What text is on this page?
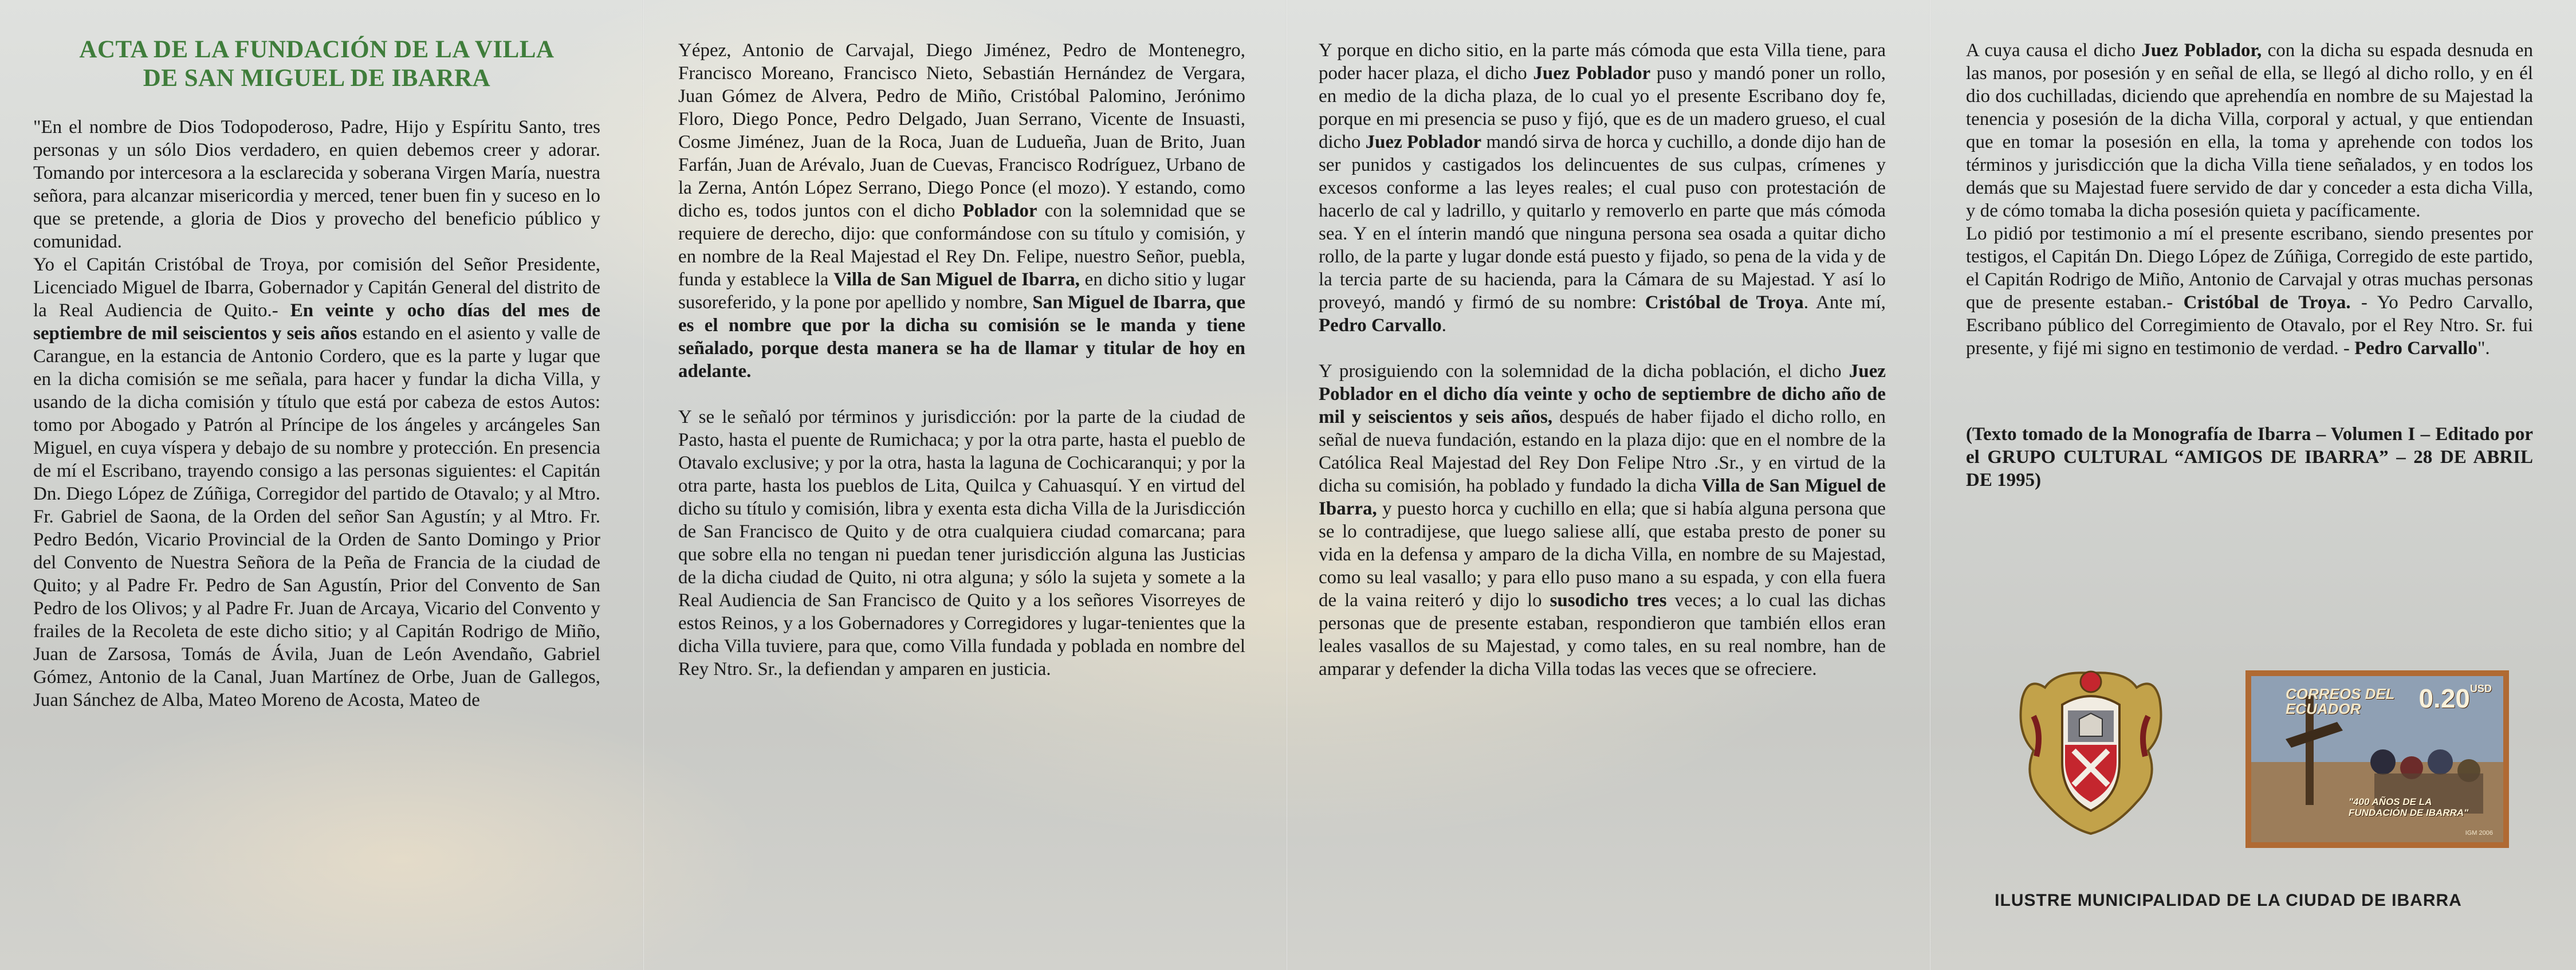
ACTA DE LA FUNDACIÓN DE LA VILLA
DE SAN MIGUEL DE IBARRA

"En el nombre de Dios Todopoderoso, Padre, Hijo y Espíritu Santo, tres personas y un sólo Dios verdadero, en quien debemos creer y adorar. Tomando por intercesora a la esclarecida y soberana Virgen María, nuestra señora, para alcanzar misericordia y merced, tener buen fin y suceso en lo que se pretende, a gloria de Dios y provecho del beneficio público y comunidad.

Yo el Capitán Cristóbal de Troya, por comisión del Señor Presidente, Licenciado Miguel de Ibarra, Gobernador y Capitán General del distrito de la Real Audiencia de Quito.- En veinte y ocho días del mes de septiembre de mil seiscientos y seis años estando en el asiento y valle de Carangue, en la estancia de Antonio Cordero, que es la parte y lugar que en la dicha comisión se me señala, para hacer y fundar la dicha Villa, y usando de la dicha comisión y título que está por cabeza de estos Autos: tomo por Abogado y Patrón al Príncipe de los ángeles y arcángeles San Miguel, en cuya víspera y debajo de su nombre y protección. En presencia de mí el Escribano, trayendo consigo a las personas siguientes: el Capitán Dn. Diego López de Zúñiga, Corregidor del partido de Otavalo; y al Mtro. Fr. Gabriel de Saona, de la Orden del señor San Agustín; y al Mtro. Fr. Pedro Bedón, Vicario Provincial de la Orden de Santo Domingo y Prior del Convento de Nuestra Señora de la Peña de Francia de la ciudad de Quito; y al Padre Fr. Pedro de San Agustín, Prior del Convento de San Pedro de los Olivos; y al Padre Fr. Juan de Arcaya, Vicario del Convento y frailes de la Recoleta de este dicho sitio; y al Capitán Rodrigo de Miño, Juan de Zarsosa, Tomás de Ávila, Juan de León Avendaño, Gabriel Gómez, Antonio de la Canal, Juan Martínez de Orbe, Juan de Gallegos, Juan Sánchez de Alba, Mateo Moreno de Acosta, Mateo de

Yépez, Antonio de Carvajal, Diego Jiménez, Pedro de Montenegro, Francisco Moreano, Francisco Nieto, Sebastián Hernández de Vergara, Juan Gómez de Alvera, Pedro de Miño, Cristóbal Palomino, Jerónimo Floro, Diego Ponce, Pedro Delgado, Juan Serrano, Vicente de Insuasti, Cosme Jiménez, Juan de la Roca, Juan de Ludueña, Juan de Brito, Juan Farfán, Juan de Arévalo, Juan de Cuevas, Francisco Rodríguez, Urbano de la Zerna, Antón López Serrano, Diego Ponce (el mozo). Y estando, como dicho es, todos juntos con el dicho Poblador con la solemnidad que se requiere de derecho, dijo: que conformándose con su título y comisión, y en nombre de la Real Majestad el Rey Dn. Felipe, nuestro Señor, puebla, funda y establece la Villa de San Miguel de Ibarra, en dicho sitio y lugar susoreferido, y la pone por apellido y nombre, San Miguel de Ibarra, que es el nombre que por la dicha su comisión se le manda y tiene señalado, porque desta manera se ha de llamar y titular de hoy en adelante.

Y se le señaló por términos y jurisdicción: por la parte de la ciudad de Pasto, hasta el puente de Rumichaca; y por la otra parte, hasta el pueblo de Otavalo exclusive; y por la otra, hasta la laguna de Cochicaranqui; y por la otra parte, hasta los pueblos de Lita, Quilca y Cahuasquí. Y en virtud del dicho su título y comisión, libra y exenta esta dicha Villa de la Jurisdicción de San Francisco de Quito y de otra cualquiera ciudad comarcana; para que sobre ella no tengan ni puedan tener jurisdicción alguna las Justicias de la dicha ciudad de Quito, ni otra alguna; y sólo la sujeta y somete a la Real Audiencia de San Francisco de Quito y a los señores Visorreyes de estos Reinos, y a los Gobernadores y Corregidores y lugar-tenientes que la dicha Villa tuviere, para que, como Villa fundada y poblada en nombre del Rey Ntro. Sr., la defiendan y amparen en justicia.

Y porque en dicho sitio, en la parte más cómoda que esta Villa tiene, para poder hacer plaza, el dicho Juez Poblador puso y mandó poner un rollo, en medio de la dicha plaza, de lo cual yo el presente Escribano doy fe, porque en mi presencia se puso y fijó, que es de un madero grueso, el cual dicho Juez Poblador mandó sirva de horca y cuchillo, a donde dijo han de ser punidos y castigados los delincuentes de sus culpas, crímenes y excesos conforme a las leyes reales; el cual puso con protestación de hacerlo de cal y ladrillo, y quitarlo y removerlo en parte que más cómoda sea. Y en el ínterin mandó que ninguna persona sea osada a quitar dicho rollo, de la parte y lugar donde está puesto y fijado, so pena de la vida y de la tercia parte de su hacienda, para la Cámara de su Majestad. Y así lo proveyó, mandó y firmó de su nombre: Cristóbal de Troya. Ante mí, Pedro Carvallo.

Y prosiguiendo con la solemnidad de la dicha población, el dicho Juez Poblador en el dicho día veinte y ocho de septiembre de dicho año de mil y seiscientos y seis años, después de haber fijado el dicho rollo, en señal de nueva fundación, estando en la plaza dijo: que en el nombre de la Católica Real Majestad del Rey Don Felipe Ntro .Sr., y en virtud de la dicha su comisión, ha poblado y fundado la dicha Villa de San Miguel de Ibarra, y puesto horca y cuchillo en ella; que si había alguna persona que se lo contradijese, que luego saliese allí, que estaba presto de poner su vida en la defensa y amparo de la dicha Villa, en nombre de su Majestad, como su leal vasallo; y para ello puso mano a su espada, y con ella fuera de la vaina reiteró y dijo lo susodicho tres veces; a lo cual las dichas personas que de presente estaban, respondieron que también ellos eran leales vasallos de su Majestad, y como tales, en su real nombre, han de amparar y defender la dicha Villa todas las veces que se ofreciere.

A cuya causa el dicho Juez Poblador, con la dicha su espada desnuda en las manos, por posesión y en señal de ella, se llegó al dicho rollo, y en él dio dos cuchilladas, diciendo que aprehendía en nombre de su Majestad la tenencia y posesión de la dicha Villa, corporal y actual, y que entiendan que en tomar la posesión en ella, la toma y aprehende con todos los términos y jurisdicción que la dicha Villa tiene señalados, y en todos los demás que su Majestad fuere servido de dar y conceder a esta dicha Villa, y de cómo tomaba la dicha posesión quieta y pacíficamente.

Lo pidió por testimonio a mí el presente escribano, siendo presentes por testigos, el Capitán Dn. Diego López de Zúñiga, Corregido de este partido, el Capitán Rodrigo de Miño, Antonio de Carvajal y otras muchas personas que de presente estaban.- Cristóbal de Troya. - Yo Pedro Carvallo, Escribano público del Corregimiento de Otavalo, por el Rey Ntro. Sr. fui presente, y fijé mi signo en testimonio de verdad. - Pedro Carvallo".

(Texto tomado de la Monografía de Ibarra – Volumen I – Editado por el GRUPO CULTURAL “AMIGOS DE IBARRA” – 28 DE ABRIL DE 1995)

CORREOS DEL ECUADOR	$0.20^{USD}$
"400 AÑOS DE LA
FUNDACIÓN DE IBARRA"
IGM 2006
ILUSTRE MUNICIPALIDAD DE LA CIUDAD DE IBARRA
